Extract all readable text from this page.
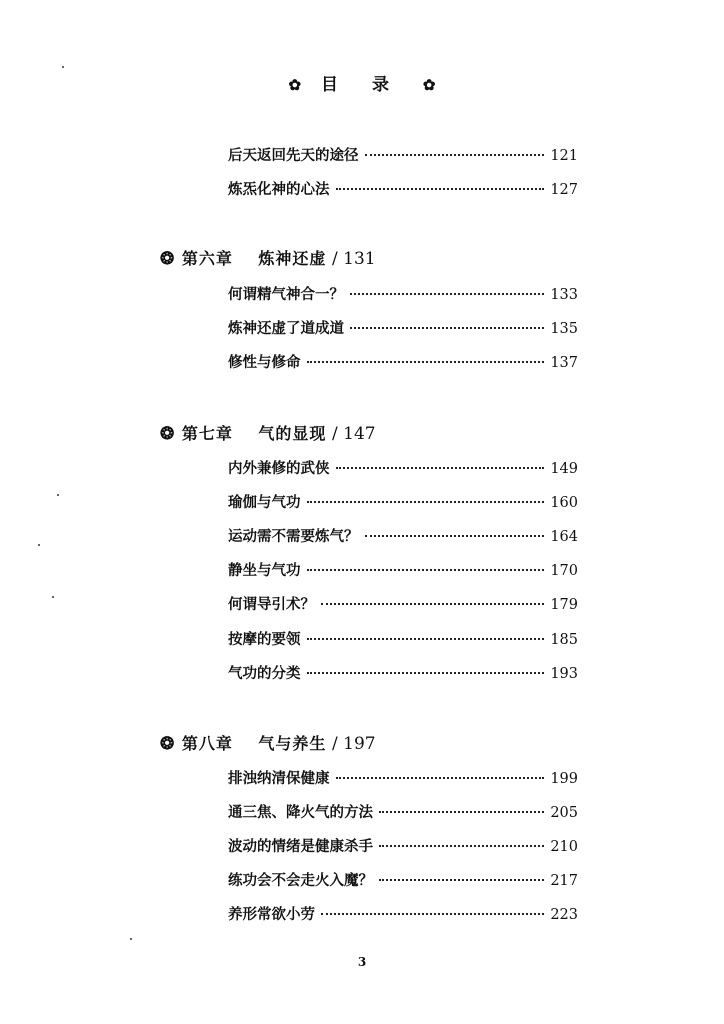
✿ 目 录 ✿
后天返回先天的途径	121
炼炁化神的心法	127
❂ 第六章 炼神还虚 / 131
何谓精气神合一？	133
炼神还虚了道成道	135
修性与修命	137
❂ 第七章 气的显现 / 147
内外兼修的武侠	149
瑜伽与气功	160
运动需不需要炼气？	164
静坐与气功	170
何谓导引术？	179
按摩的要领	185
气功的分类	193
❂ 第八章 气与养生 / 197
排浊纳清保健康	199
通三焦、降火气的方法	205
波动的情绪是健康杀手	210
练功会不会走火入魔？	217
养形常欲小劳	223
3
